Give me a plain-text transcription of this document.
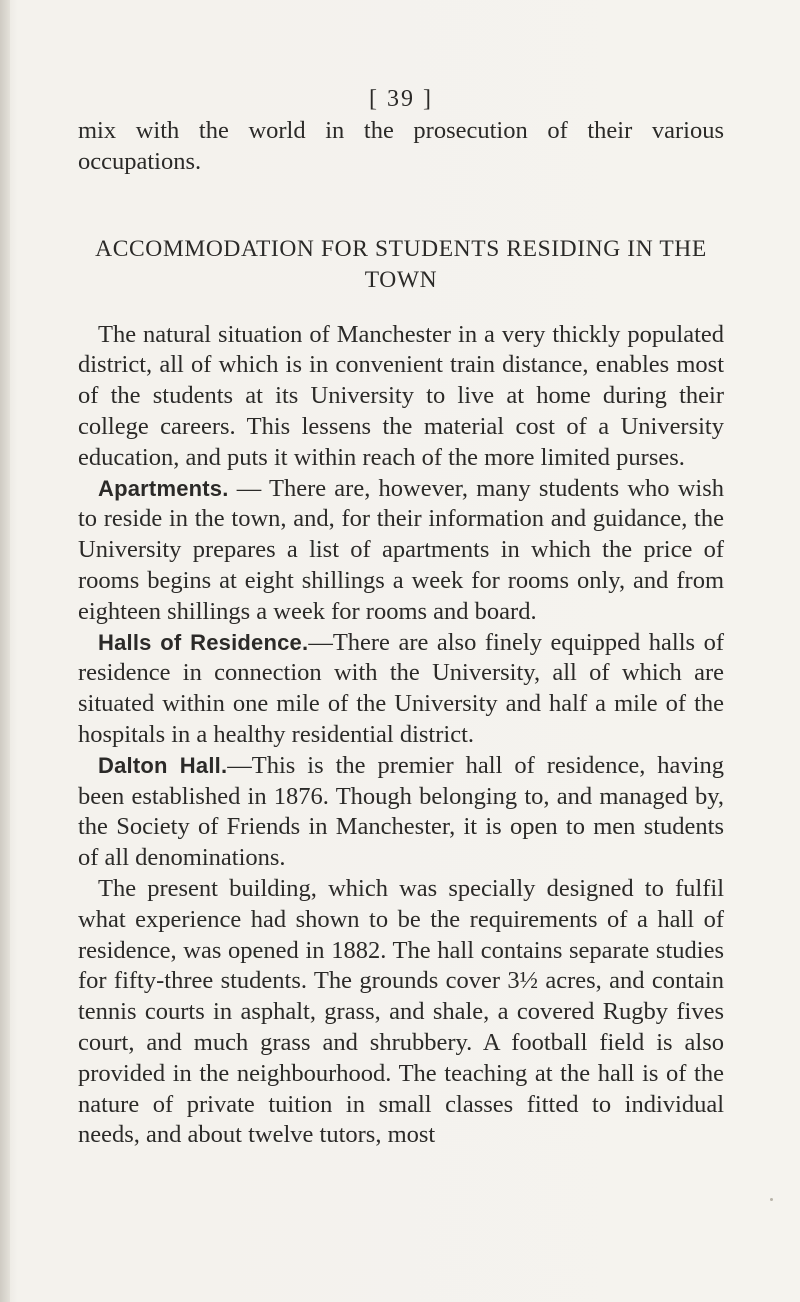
[ 39 ]

mix with the world in the prosecution of their various occupations.

ACCOMMODATION FOR STUDENTS RESIDING IN THE TOWN

The natural situation of Manchester in a very thickly populated district, all of which is in convenient train distance, enables most of the students at its University to live at home during their college careers. This lessens the material cost of a University education, and puts it within reach of the more limited purses.

Apartments. — There are, however, many students who wish to reside in the town, and, for their information and guidance, the University prepares a list of apartments in which the price of rooms begins at eight shillings a week for rooms only, and from eighteen shillings a week for rooms and board.

Halls of Residence.—There are also finely equipped halls of residence in connection with the University, all of which are situated within one mile of the University and half a mile of the hospitals in a healthy residential district.

Dalton Hall.—This is the premier hall of residence, having been established in 1876. Though belonging to, and managed by, the Society of Friends in Manchester, it is open to men students of all denominations.

The present building, which was specially designed to fulfil what experience had shown to be the requirements of a hall of residence, was opened in 1882. The hall contains separate studies for fifty-three students. The grounds cover 3½ acres, and contain tennis courts in asphalt, grass, and shale, a covered Rugby fives court, and much grass and shrubbery. A football field is also provided in the neighbourhood. The teaching at the hall is of the nature of private tuition in small classes fitted to individual needs, and about twelve tutors, most
